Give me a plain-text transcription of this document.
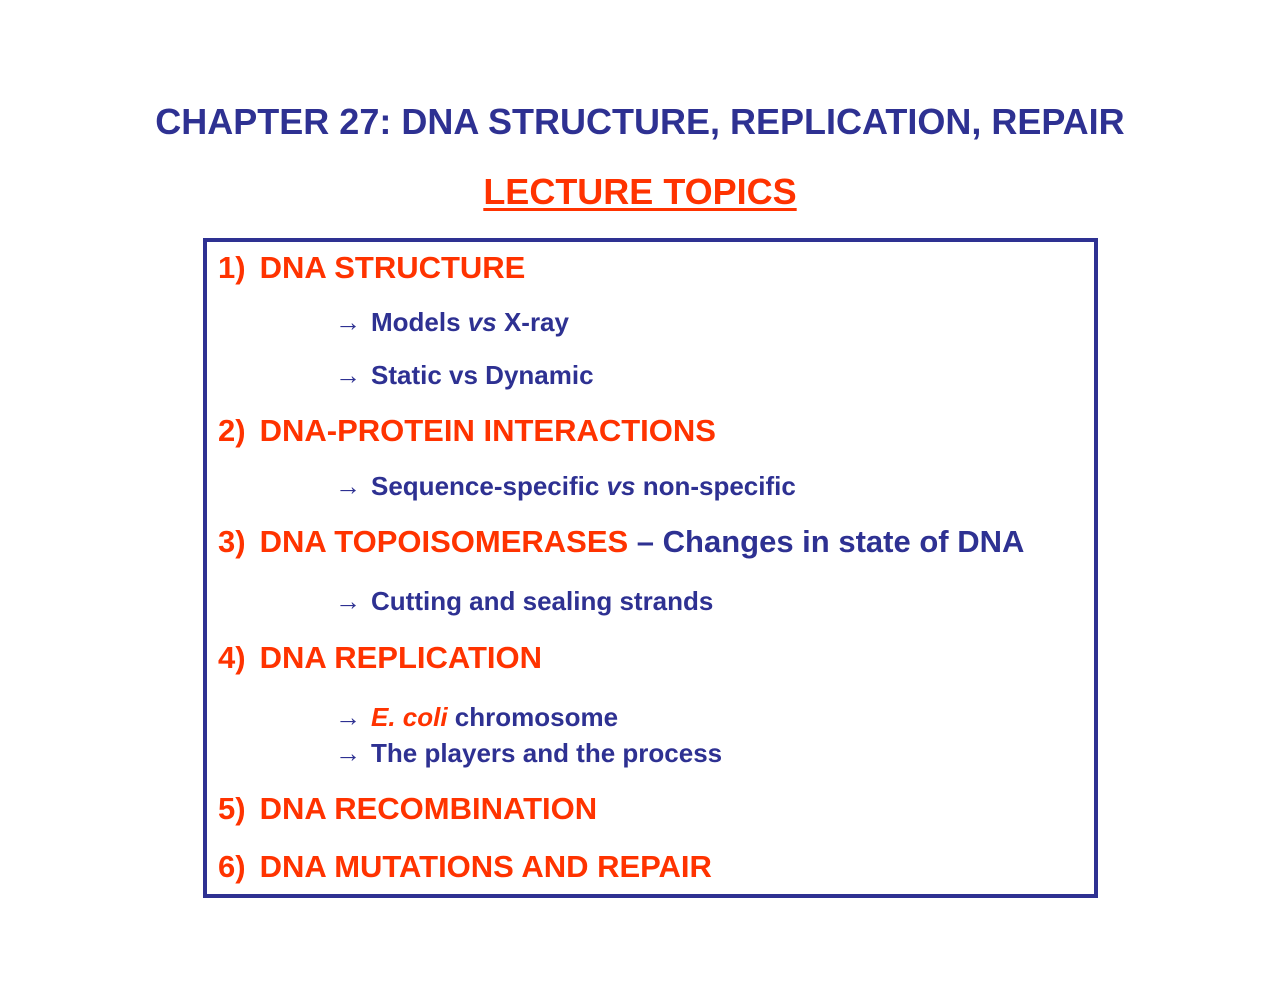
CHAPTER 27: DNA STRUCTURE, REPLICATION, REPAIR
LECTURE TOPICS
1) DNA STRUCTURE
→ Models vs X-ray
→ Static vs Dynamic
2) DNA-PROTEIN INTERACTIONS
→ Sequence-specific vs non-specific
3) DNA TOPOISOMERASES – Changes in state of DNA
→ Cutting and sealing strands
4) DNA REPLICATION
→ E. coli chromosome
→ The players and the process
5) DNA RECOMBINATION
6) DNA MUTATIONS AND REPAIR
